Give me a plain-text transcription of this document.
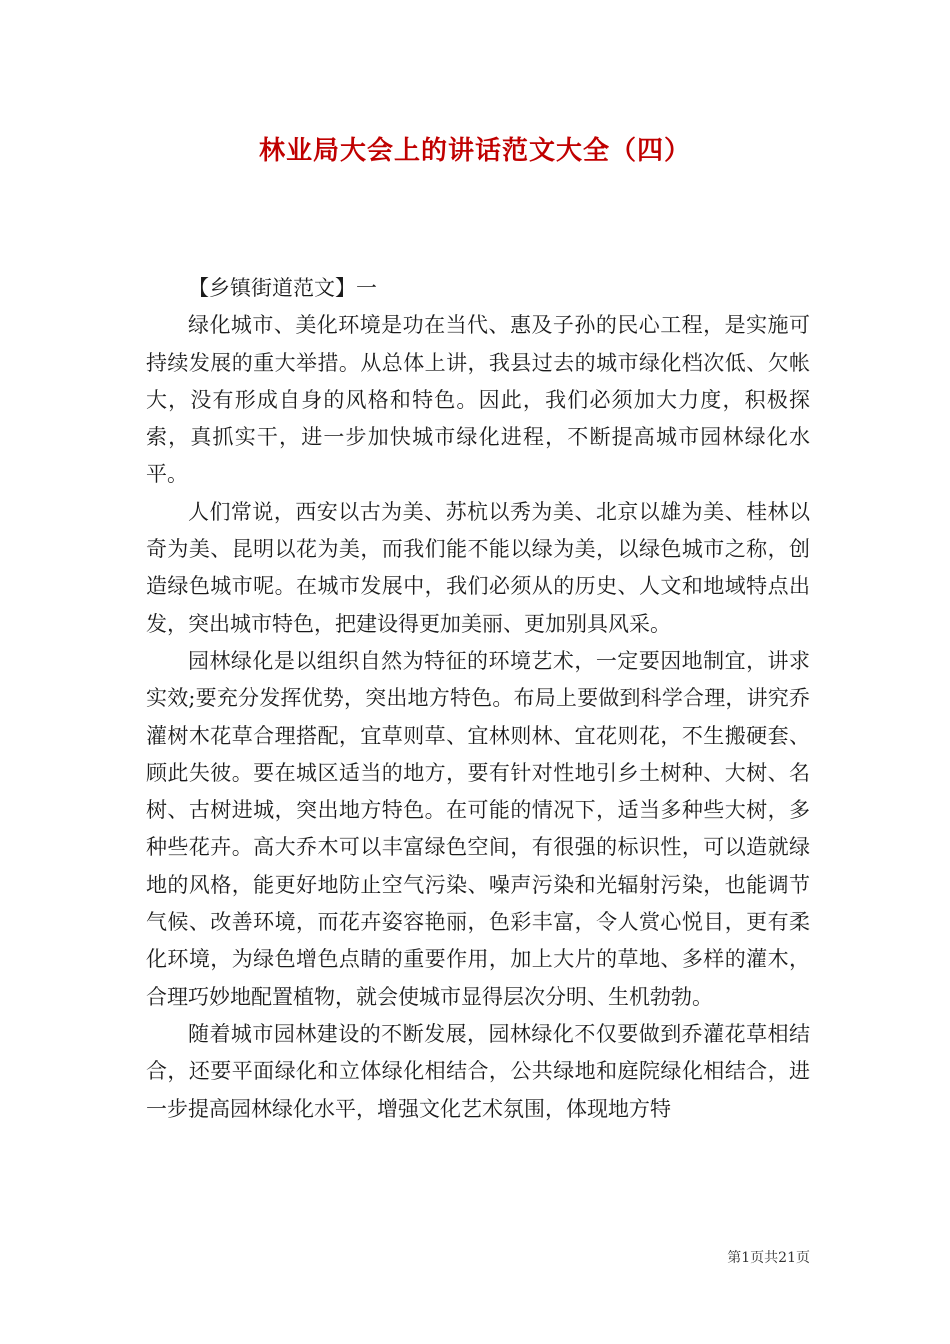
林业局大会上的讲话范文大全（四）

【乡镇街道范文】一

绿化城市、美化环境是功在当代、惠及子孙的民心工程，是实施可持续发展的重大举措。从总体上讲，我县过去的城市绿化档次低、欠帐大，没有形成自身的风格和特色。因此，我们必须加大力度，积极探索，真抓实干，进一步加快城市绿化进程，不断提高城市园林绿化水平。

人们常说，西安以古为美、苏杭以秀为美、北京以雄为美、桂林以奇为美、昆明以花为美，而我们能不能以绿为美，以绿色城市之称，创造绿色城市呢。在城市发展中，我们必须从的历史、人文和地域特点出发，突出城市特色，把建设得更加美丽、更加别具风采。

园林绿化是以组织自然为特征的环境艺术，一定要因地制宜，讲求实效;要充分发挥优势，突出地方特色。布局上要做到科学合理，讲究乔灌树木花草合理搭配，宜草则草、宜林则林、宜花则花，不生搬硬套、顾此失彼。要在城区适当的地方，要有针对性地引乡土树种、大树、名树、古树进城，突出地方特色。在可能的情况下，适当多种些大树，多种些花卉。高大乔木可以丰富绿色空间，有很强的标识性，可以造就绿地的风格，能更好地防止空气污染、噪声污染和光辐射污染，也能调节气候、改善环境，而花卉姿容艳丽，色彩丰富，令人赏心悦目，更有柔化环境，为绿色增色点睛的重要作用，加上大片的草地、多样的灌木，合理巧妙地配置植物，就会使城市显得层次分明、生机勃勃。

随着城市园林建设的不断发展，园林绿化不仅要做到乔灌花草相结合，还要平面绿化和立体绿化相结合，公共绿地和庭院绿化相结合，进一步提高园林绿化水平，增强文化艺术氛围，体现地方特

第1页共21页
